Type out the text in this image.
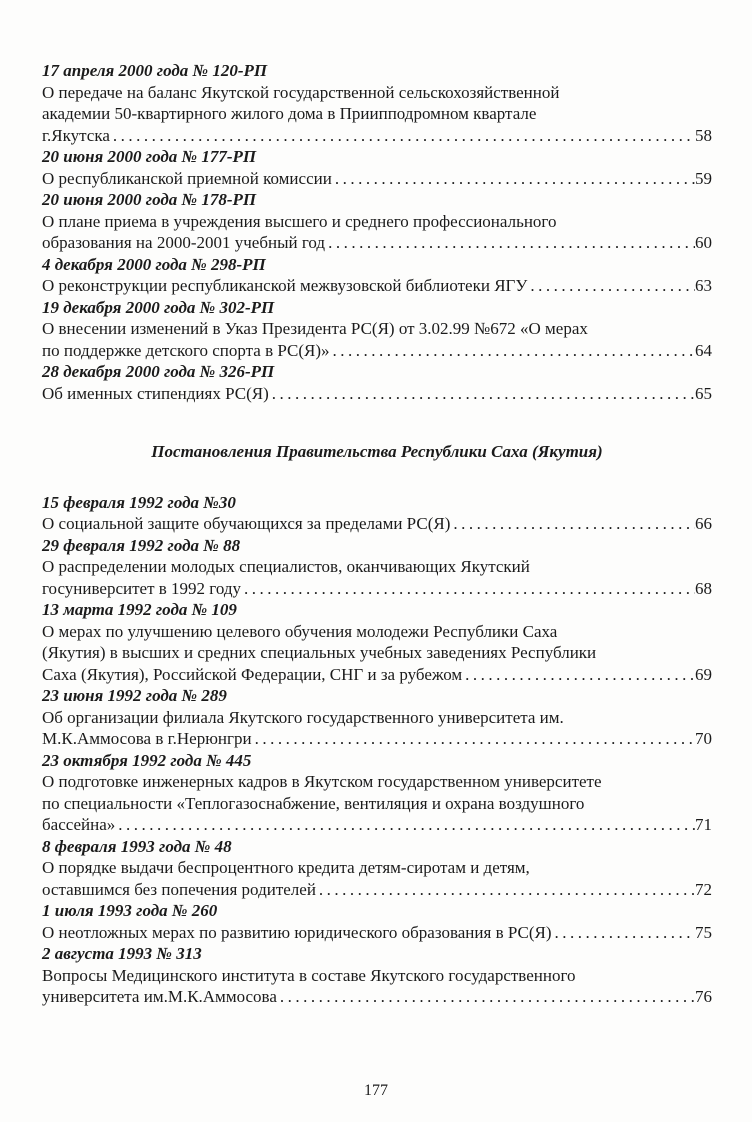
17 апреля 2000 года № 120-РП
О передаче на баланс Якутской государственной сельскохозяйственной
академии 50-квартирного жилого дома в Приипподромном квартале
г.Якутска .....	58
20 июня 2000 года № 177-РП
О республиканской приемной комиссии .....	59
20 июня 2000 года № 178-РП
О плане приема в учреждения высшего и среднего профессионального
образования на 2000-2001 учебный год .....	60
4 декабря 2000 года № 298-РП
О реконструкции республиканской межвузовской библиотеки ЯГУ .....	63
19 декабря 2000 года № 302-РП
О внесении изменений в Указ Президента РС(Я) от 3.02.99 №672 «О мерах
по поддержке детского спорта в РС(Я)» .....	64
28 декабря 2000 года № 326-РП
Об именных стипендиях РС(Я) .....	65
Постановления Правительства Республики Саха (Якутия)
15 февраля 1992 года №30
О социальной защите обучающихся за пределами РС(Я) .....	66
29 февраля 1992 года № 88
О распределении молодых специалистов, оканчивающих Якутский
госуниверситет в 1992 году .....	68
13 марта 1992 года № 109
О мерах по улучшению целевого обучения молодежи Республики Саха
(Якутия) в высших и средних специальных учебных заведениях Республики
Саха (Якутия), Российской Федерации, СНГ и за рубежом .....	69
23 июня 1992 года № 289
Об организации филиала Якутского государственного университета им.
М.К.Аммосова в г.Нерюнгри .....	70
23 октября 1992 года № 445
О подготовке инженерных кадров в Якутском государственном университете
по специальности «Теплогазоснабжение, вентиляция и охрана воздушного
бассейна» .....	71
8 февраля 1993 года № 48
О порядке выдачи беспроцентного кредита детям-сиротам и детям,
оставшимся без попечения родителей .....	72
1 июля 1993 года № 260
О неотложных мерах по развитию юридического образования в РС(Я) .....	75
2 августа 1993 № 313
Вопросы Медицинского института в составе Якутского государственного
университета им.М.К.Аммосова .....	76
177
